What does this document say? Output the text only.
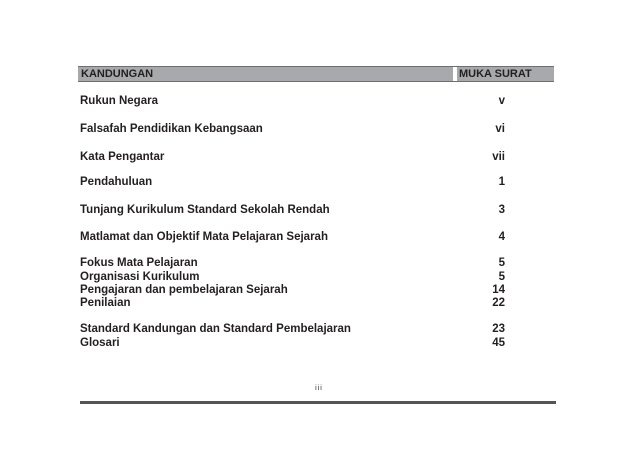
KANDUNGAN	MUKA SURAT
Rukun Negara	v
Falsafah Pendidikan Kebangsaan	vi
Kata Pengantar	vii
Pendahuluan	1
Tunjang Kurikulum Standard Sekolah Rendah	3
Matlamat dan Objektif Mata Pelajaran Sejarah	4
Fokus Mata Pelajaran	5
Organisasi Kurikulum	5
Pengajaran dan pembelajaran Sejarah	14
Penilaian	22
Standard Kandungan dan Standard Pembelajaran	23
Glosari	45
iii
